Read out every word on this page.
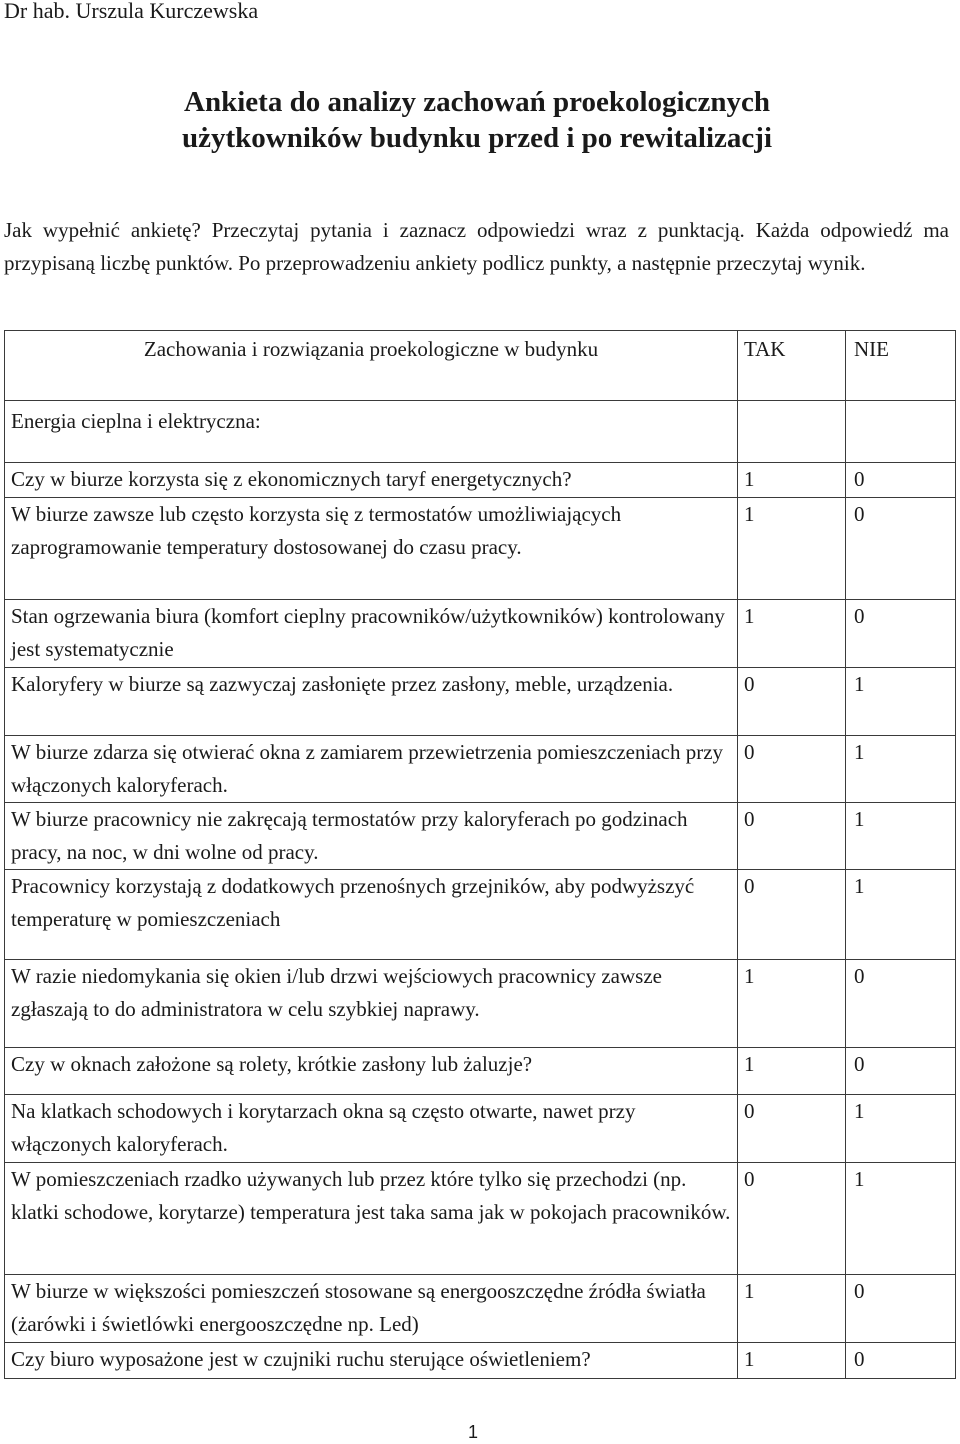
Dr hab. Urszula Kurczewska
Ankieta do analizy zachowań proekologicznych
użytkowników budynku przed i po rewitalizacji
Jak wypełnić ankietę? Przeczytaj pytania i zaznacz odpowiedzi wraz z punktacją. Każda odpowiedź ma przypisaną liczbę punktów. Po przeprowadzeniu ankiety podlicz punkty, a następnie przeczytaj wynik.
Zachowania i rozwiązania proekologiczne w budynku	TAK	NIE
Energia cieplna i elektryczna:		
Czy w biurze korzysta się z ekonomicznych taryf energetycznych?	1	0
W biurze zawsze lub często korzysta się z termostatów umożliwiających zaprogramowanie temperatury dostosowanej do czasu pracy.	1	0
Stan ogrzewania biura (komfort cieplny pracowników/użytkowników) kontrolowany jest systematycznie	1	0
Kaloryfery w biurze są zazwyczaj zasłonięte przez zasłony, meble, urządzenia.	0	1
W biurze zdarza się otwierać okna z zamiarem przewietrzenia pomieszczeniach przy włączonych kaloryferach.	0	1
W biurze pracownicy nie zakręcają termostatów przy kaloryferach po godzinach pracy, na noc, w dni wolne od pracy.	0	1
Pracownicy korzystają z dodatkowych przenośnych grzejników, aby podwyższyć temperaturę w pomieszczeniach	0	1
W razie niedomykania się okien i/lub drzwi wejściowych pracownicy zawsze zgłaszają to do administratora w celu szybkiej naprawy.	1	0
Czy w oknach założone są rolety, krótkie zasłony lub żaluzje?	1	0
Na klatkach schodowych i korytarzach okna są często otwarte, nawet przy włączonych kaloryferach.	0	1
W pomieszczeniach rzadko używanych lub przez które tylko się przechodzi (np. klatki schodowe, korytarze) temperatura jest taka sama jak w pokojach pracowników.	0	1
W biurze w większości pomieszczeń stosowane są energooszczędne źródła światła (żarówki i świetlówki energooszczędne np. Led)	1	0
Czy biuro wyposażone jest w czujniki ruchu sterujące oświetleniem?	1	0
1
